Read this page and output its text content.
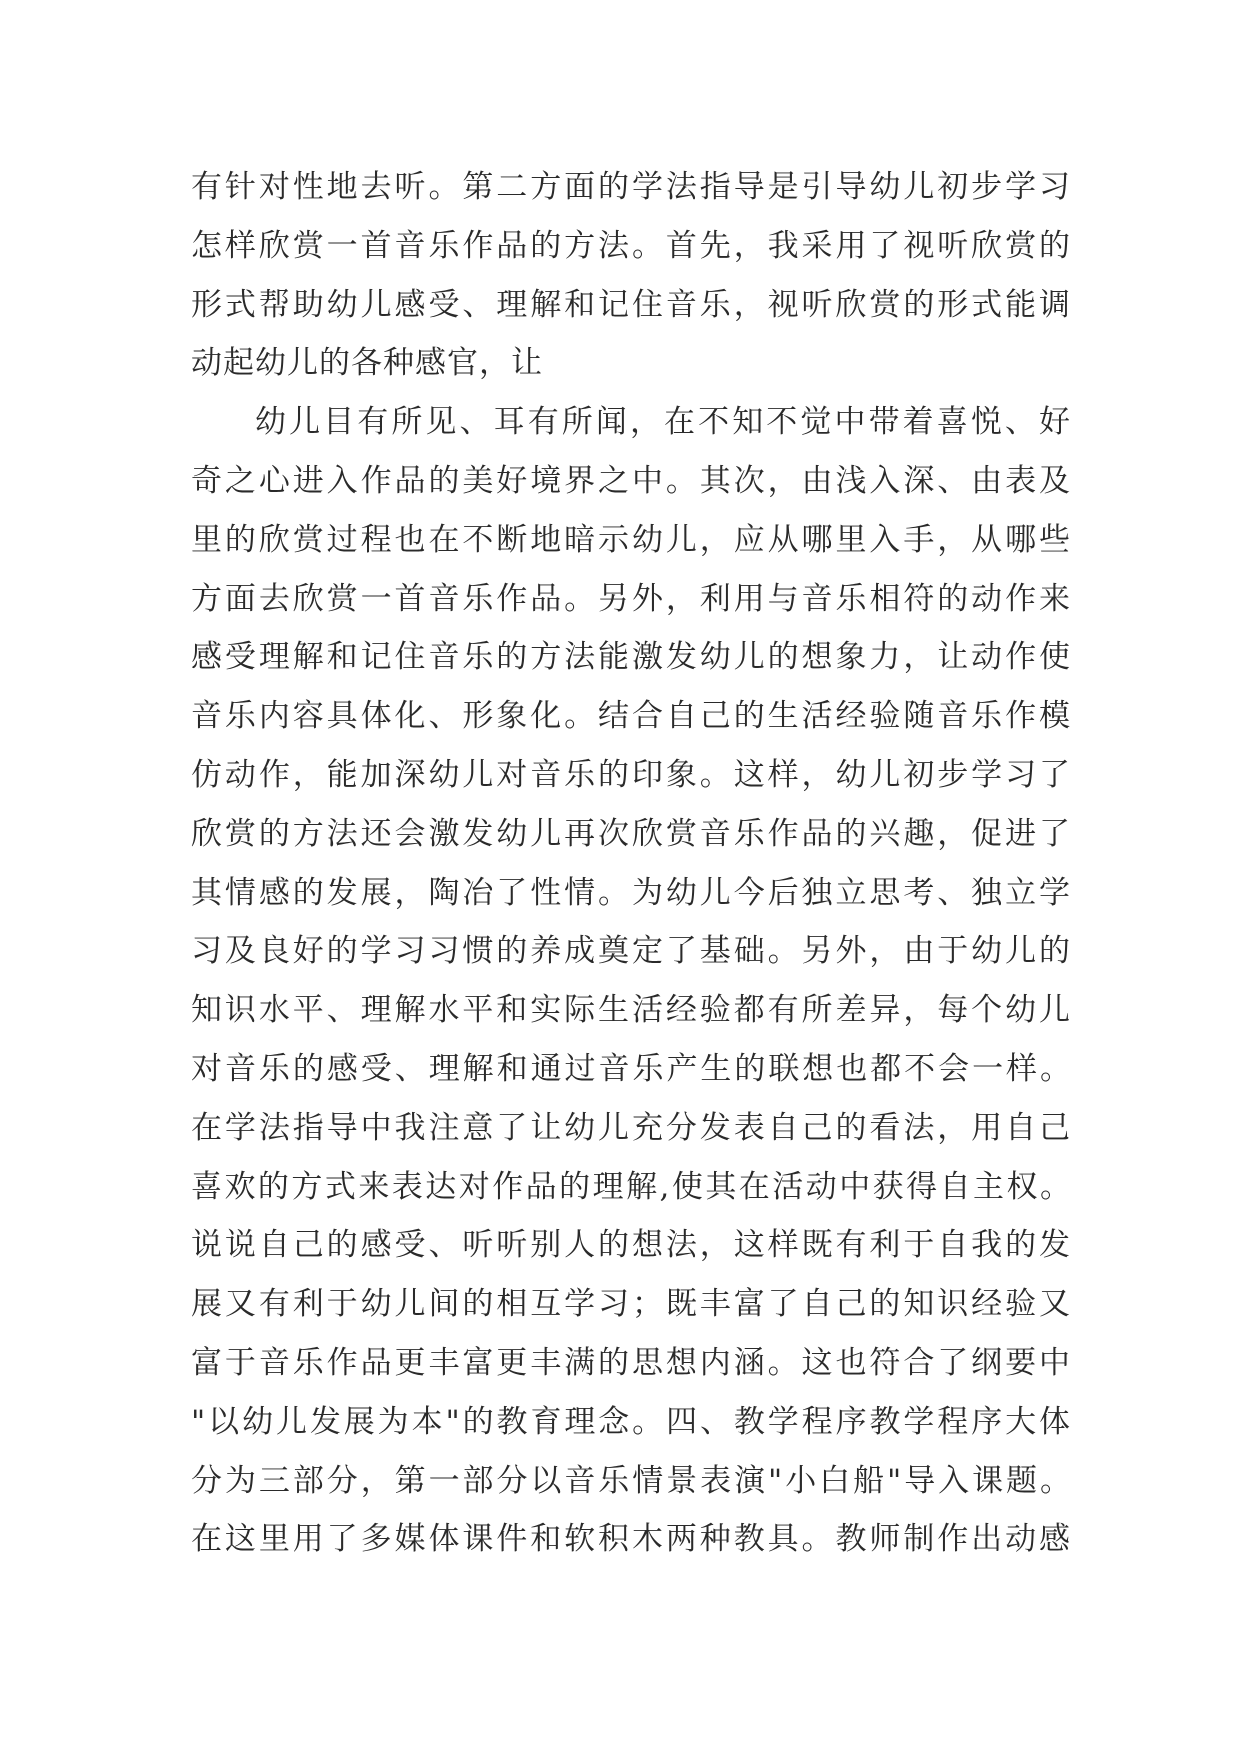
有针对性地去听。第二方面的学法指导是引导幼儿初步学习
怎样欣赏一首音乐作品的方法。首先，我采用了视听欣赏的
形式帮助幼儿感受、理解和记住音乐，视听欣赏的形式能调
动起幼儿的各种感官，让
幼儿目有所见、耳有所闻，在不知不觉中带着喜悦、好
奇之心进入作品的美好境界之中。其次，由浅入深、由表及
里的欣赏过程也在不断地暗示幼儿，应从哪里入手，从哪些
方面去欣赏一首音乐作品。另外，利用与音乐相符的动作来
感受理解和记住音乐的方法能激发幼儿的想象力，让动作使
音乐内容具体化、形象化。结合自己的生活经验随音乐作模
仿动作，能加深幼儿对音乐的印象。这样，幼儿初步学习了
欣赏的方法还会激发幼儿再次欣赏音乐作品的兴趣，促进了
其情感的发展，陶冶了性情。为幼儿今后独立思考、独立学
习及良好的学习习惯的养成奠定了基础。另外，由于幼儿的
知识水平、理解水平和实际生活经验都有所差异，每个幼儿
对音乐的感受、理解和通过音乐产生的联想也都不会一样。
在学法指导中我注意了让幼儿充分发表自己的看法，用自己
喜欢的方式来表达对作品的理解,使其在活动中获得自主权。
说说自己的感受、听听别人的想法，这样既有利于自我的发
展又有利于幼儿间的相互学习；既丰富了自己的知识经验又
富于音乐作品更丰富更丰满的思想内涵。这也符合了纲要中
"以幼儿发展为本"的教育理念。四、教学程序教学程序大体
分为三部分，第一部分以音乐情景表演"小白船"导入课题。
在这里用了多媒体课件和软积木两种教具。教师制作出动感
